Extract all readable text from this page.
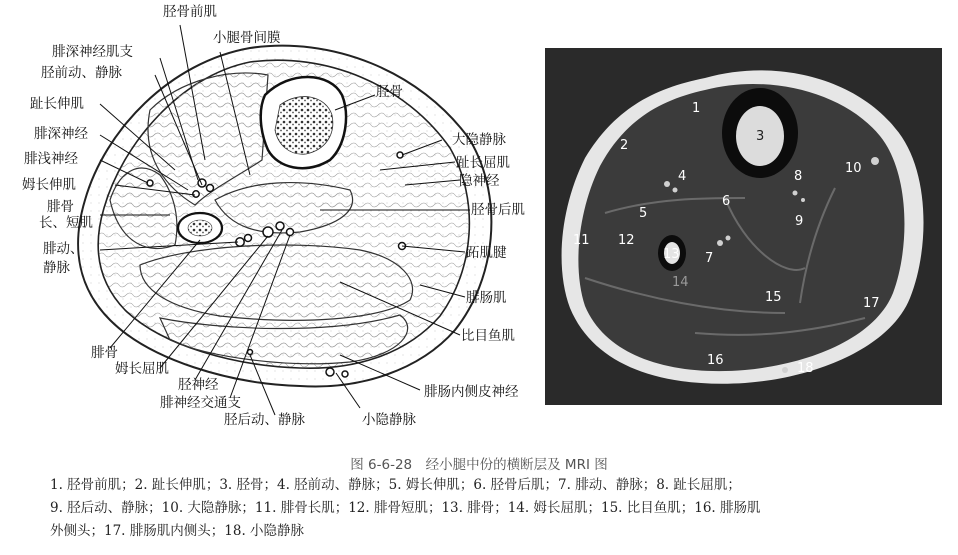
胫骨前肌
小腿骨间膜
腓深神经肌支
胫前动、静脉
胫骨
趾长伸肌
大隐静脉
腓深神经
趾长屈肌
腓浅神经
隐神经
姆长伸肌
胫骨后肌
腓骨
长、短肌
腓动、
静脉
跖肌腱
腓肠肌
比目鱼肌
腓骨
姆长屈肌
胫神经
腓神经交通支
腓肠内侧皮神经
胫后动、静脉	小隐静脉
1
2
3
4
5
6
7
8
9
10
11 12
13
14
15
16
17
18
图 6-6-28　经小腿中份的横断层及 MRI 图
1. 胫骨前肌；2. 趾长伸肌；3. 胫骨；4. 胫前动、静脉；5. 姆长伸肌；6. 胫骨后肌；7. 腓动、静脉；8. 趾长屈肌；
9. 胫后动、静脉；10. 大隐静脉；11. 腓骨长肌；12. 腓骨短肌；13. 腓骨；14. 姆长屈肌；15. 比目鱼肌；16. 腓肠肌
外侧头；17. 腓肠肌内侧头；18. 小隐静脉
